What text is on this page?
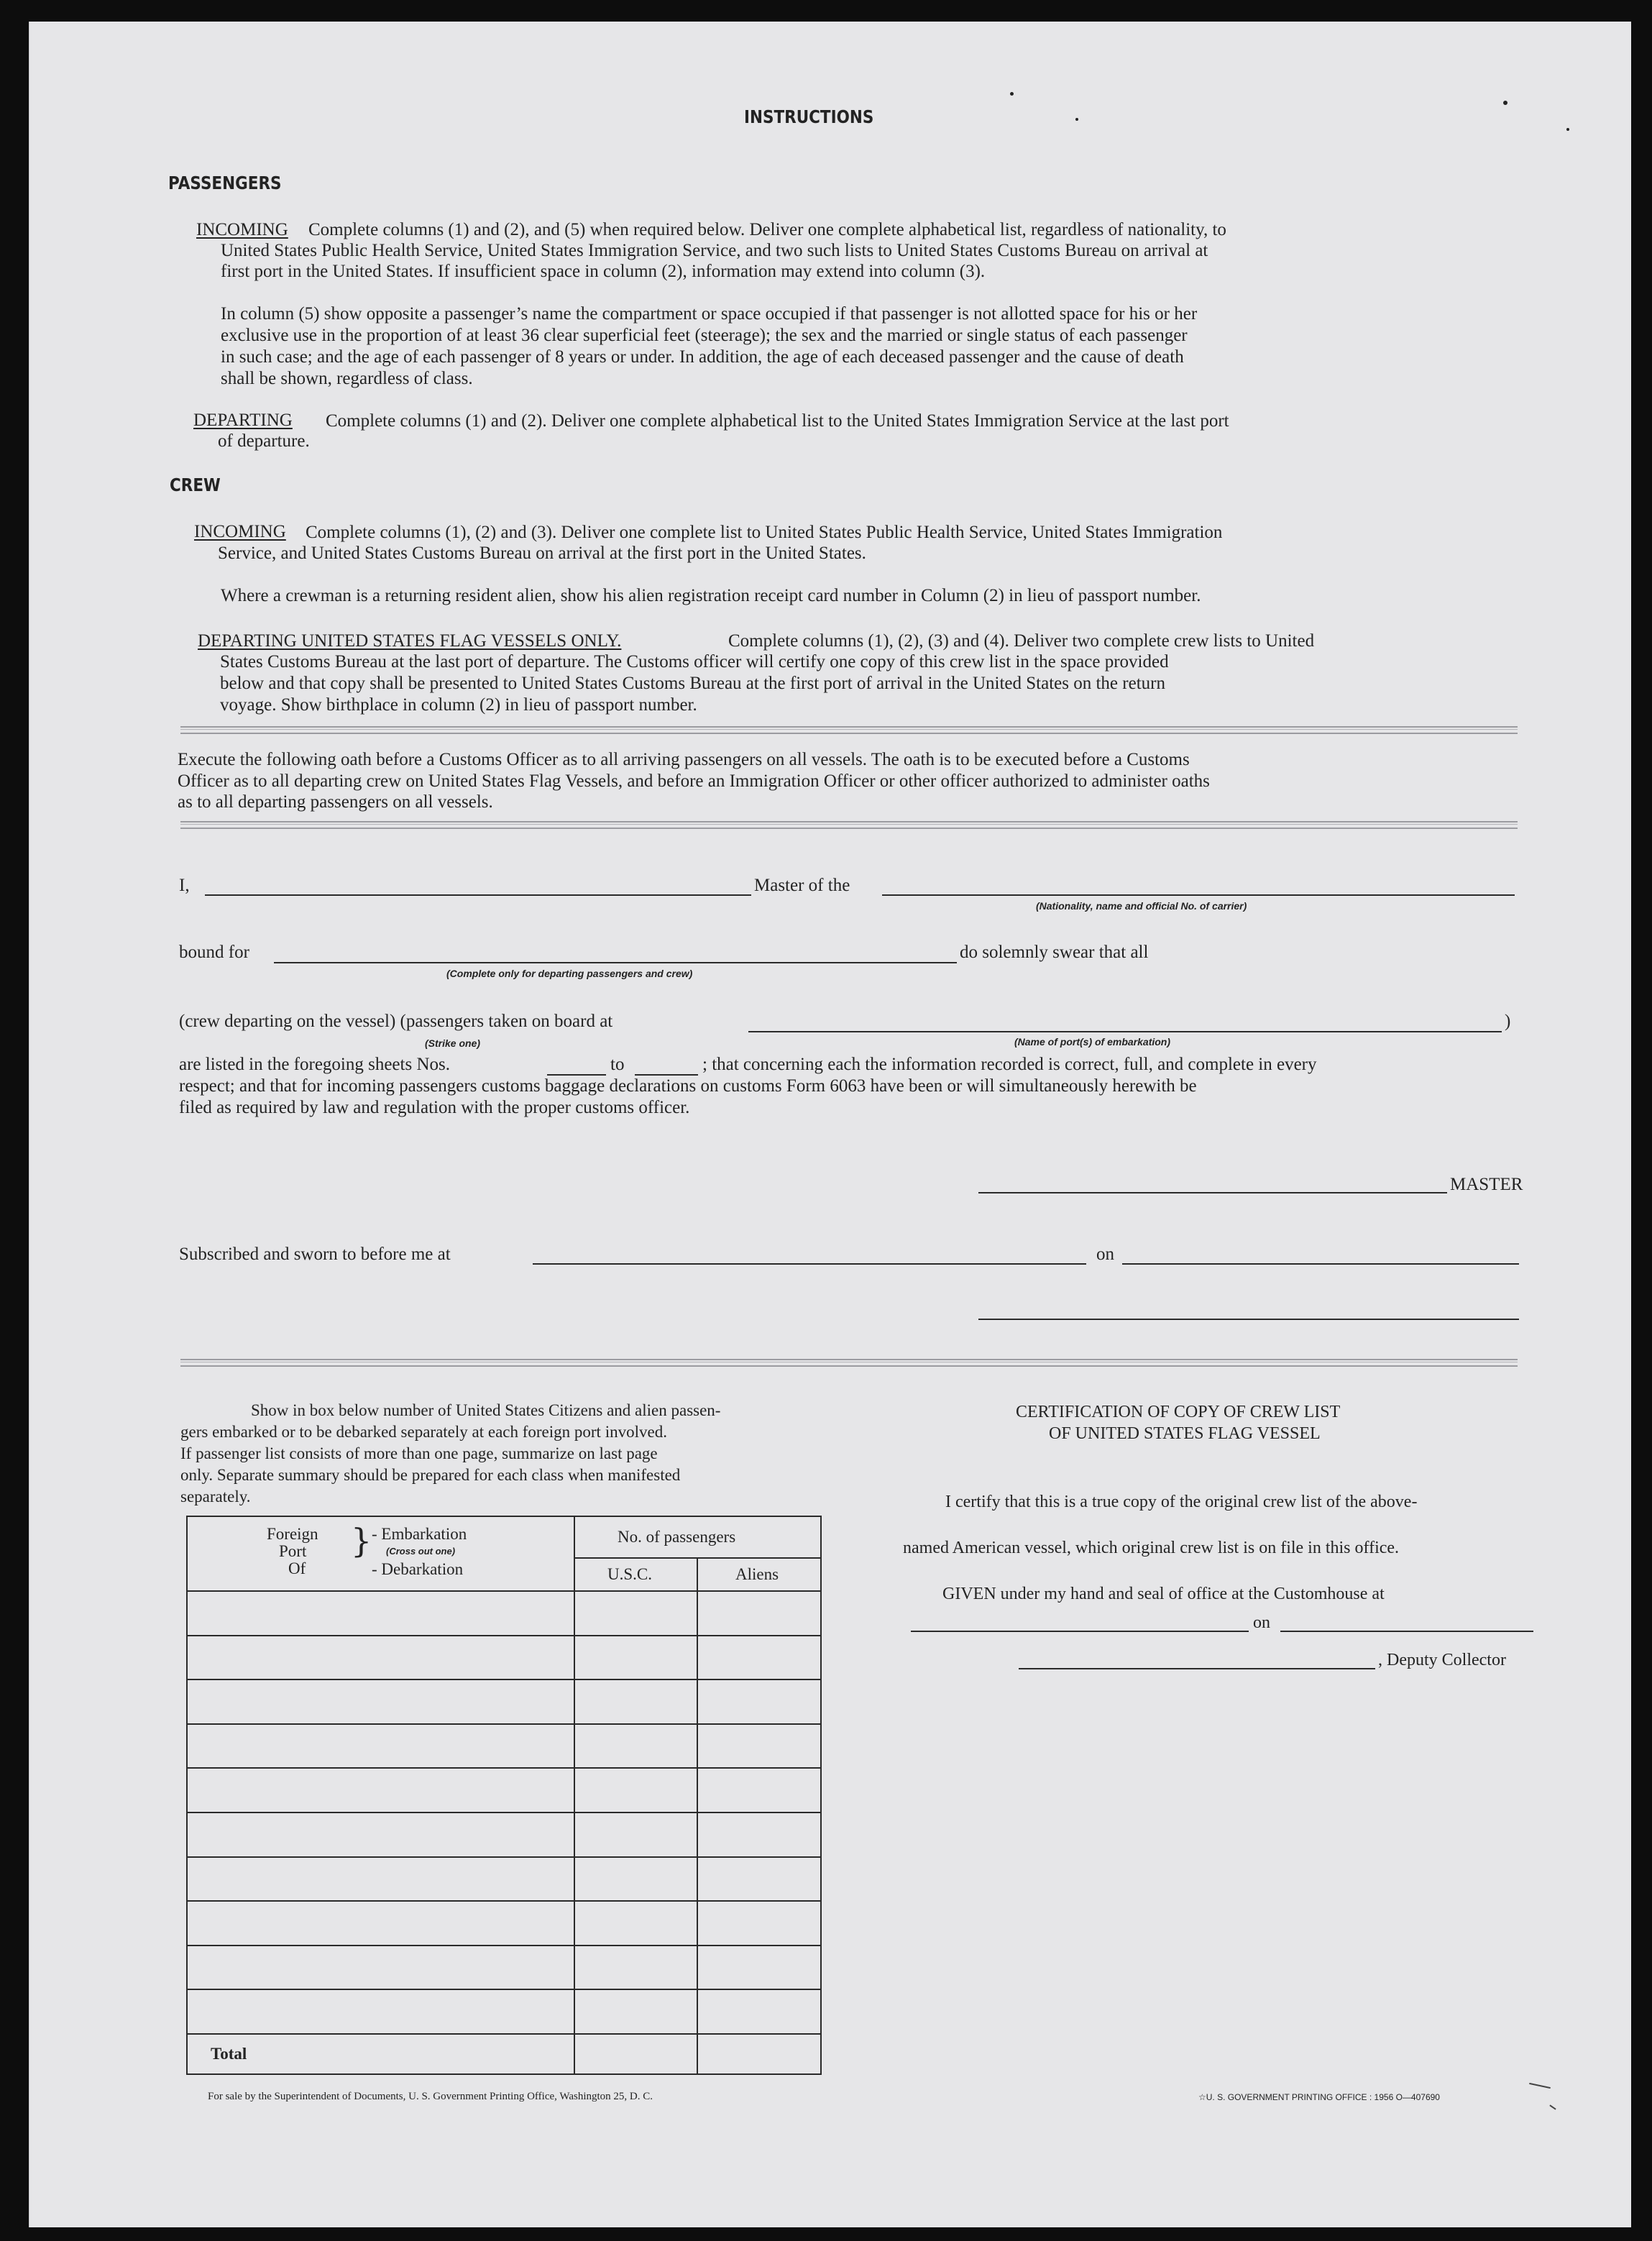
INSTRUCTIONS
PASSENGERS
INCOMING Complete columns (1) and (2), and (5) when required below. Deliver one complete alphabetical list, regardless of nationality, to
United States Public Health Service, United States Immigration Service, and two such lists to United States Customs Bureau on arrival at
first port in the United States. If insufficient space in column (2), information may extend into column (3).
In column (5) show opposite a passenger’s name the compartment or space occupied if that passenger is not allotted space for his or her
exclusive use in the proportion of at least 36 clear superficial feet (steerage); the sex and the married or single status of each passenger
in such case; and the age of each passenger of 8 years or under. In addition, the age of each deceased passenger and the cause of death
shall be shown, regardless of class.
DEPARTING Complete columns (1) and (2). Deliver one complete alphabetical list to the United States Immigration Service at the last port
of departure.
CREW
INCOMING Complete columns (1), (2) and (3). Deliver one complete list to United States Public Health Service, United States Immigration
Service, and United States Customs Bureau on arrival at the first port in the United States.
Where a crewman is a returning resident alien, show his alien registration receipt card number in Column (2) in lieu of passport number.
DEPARTING UNITED STATES FLAG VESSELS ONLY.	Complete columns (1), (2), (3) and (4). Deliver two complete crew lists to United
States Customs Bureau at the last port of departure. The Customs officer will certify one copy of this crew list in the space provided
below and that copy shall be presented to United States Customs Bureau at the first port of arrival in the United States on the return
voyage. Show birthplace in column (2) in lieu of passport number.
Execute the following oath before a Customs Officer as to all arriving passengers on all vessels. The oath is to be executed before a Customs
Officer as to all departing crew on United States Flag Vessels, and before an Immigration Officer or other officer authorized to administer oaths
as to all departing passengers on all vessels.
I,	Master of the
(Nationality, name and official No. of carrier)
bound for	do solemnly swear that all
(Complete only for departing passengers and crew)
(crew departing on the vessel) (passengers taken on board at	)
(Strike one)	(Name of port(s) of embarkation)
are listed in the foregoing sheets Nos.	to	; that concerning each the information recorded is correct, full, and complete in every
respect; and that for incoming passengers customs baggage declarations on customs Form 6063 have been or will simultaneously herewith be
filed as required by law and regulation with the proper customs officer.
MASTER
Subscribed and sworn to before me at	on
Show in box below number of United States Citizens and alien passen-
gers embarked or to be debarked separately at each foreign port involved.
If passenger list consists of more than one page, summarize on last page
only. Separate summary should be prepared for each class when manifested
separately.
Foreign
Port
Of
} - Embarkation
(Cross out one)
- Debarkation
No. of passengers
U.S.C.	Aliens
Total
CERTIFICATION OF COPY OF CREW LIST
OF UNITED STATES FLAG VESSEL
I certify that this is a true copy of the original crew list of the above-
named American vessel, which original crew list is on file in this office.
GIVEN under my hand and seal of office at the Customhouse at
on
, Deputy Collector
For sale by the Superintendent of Documents, U. S. Government Printing Office, Washington 25, D. C.	☆U. S. GOVERNMENT PRINTING OFFICE : 1956 O—407690
